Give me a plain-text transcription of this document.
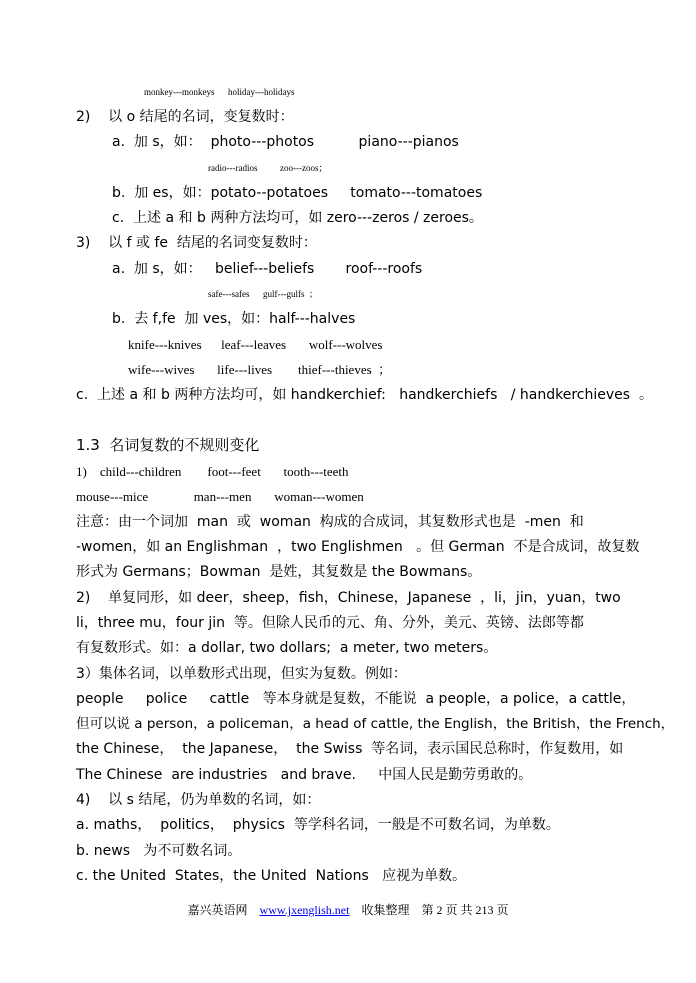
monkey---monkeys      holiday---holidays
2)    以 o 结尾的名词，变复数时：
a.  加 s，如：  photo---photos          piano---pianos
radio---radios          zoo---zoos；
b.  加 es，如：potato--potatoes     tomato---tomatoes
c.  上述 a 和 b 两种方法均可，如 zero---zeros / zeroes。
3)    以 f 或 fe  结尾的名词变复数时：
a.  加 s，如：   belief---beliefs       roof---roofs
safe---safes      gulf---gulfs  ；
b.  去 f,fe  加 ves，如：half---halves
knife---knives      leaf---leaves       wolf---wolves
wife---wives       life---lives        thief---thieves  ；
c.  上述 a 和 b 两种方法均可，如 handkerchief:   handkerchiefs   / handkerchieves  。
1.3  名词复数的不规则变化
1)    child---children        foot---feet       tooth---teeth
mouse---mice              man---men       woman---women
注意：由一个词加  man  或  woman  构成的合成词，其复数形式也是  -men  和
-women，如 an Englishman  ，two Englishmen   。但 German  不是合成词，故复数
形式为 Germans；Bowman  是姓，其复数是 the Bowmans。
2)    单复同形，如 deer，sheep，fish，Chinese，Japanese  ，li，jin，yuan，two
li，three mu，four jin  等。但除人民币的元、角、分外，美元、英镑、法郎等都
有复数形式。如：a dollar, two dollars;  a meter, two meters。
3）集体名词，以单数形式出现，但实为复数。例如：
people     police     cattle   等本身就是复数，不能说  a people，a police，a cattle，
但可以说 a person，a policeman，a head of cattle, the English，the British，the French，
the Chinese，  the Japanese，  the Swiss  等名词，表示国民总称时，作复数用，如
The Chinese  are industries   and brave.     中国人民是勤劳勇敢的。
4)    以 s 结尾，仍为单数的名词，如：
a. maths，  politics，  physics  等学科名词，一般是不可数名词，为单数。
b. news   为不可数名词。
c. the United  States，the United  Nations   应视为单数。
嘉兴英语网 www.jxenglish.net 收集整理 第 2 页 共 213 页
